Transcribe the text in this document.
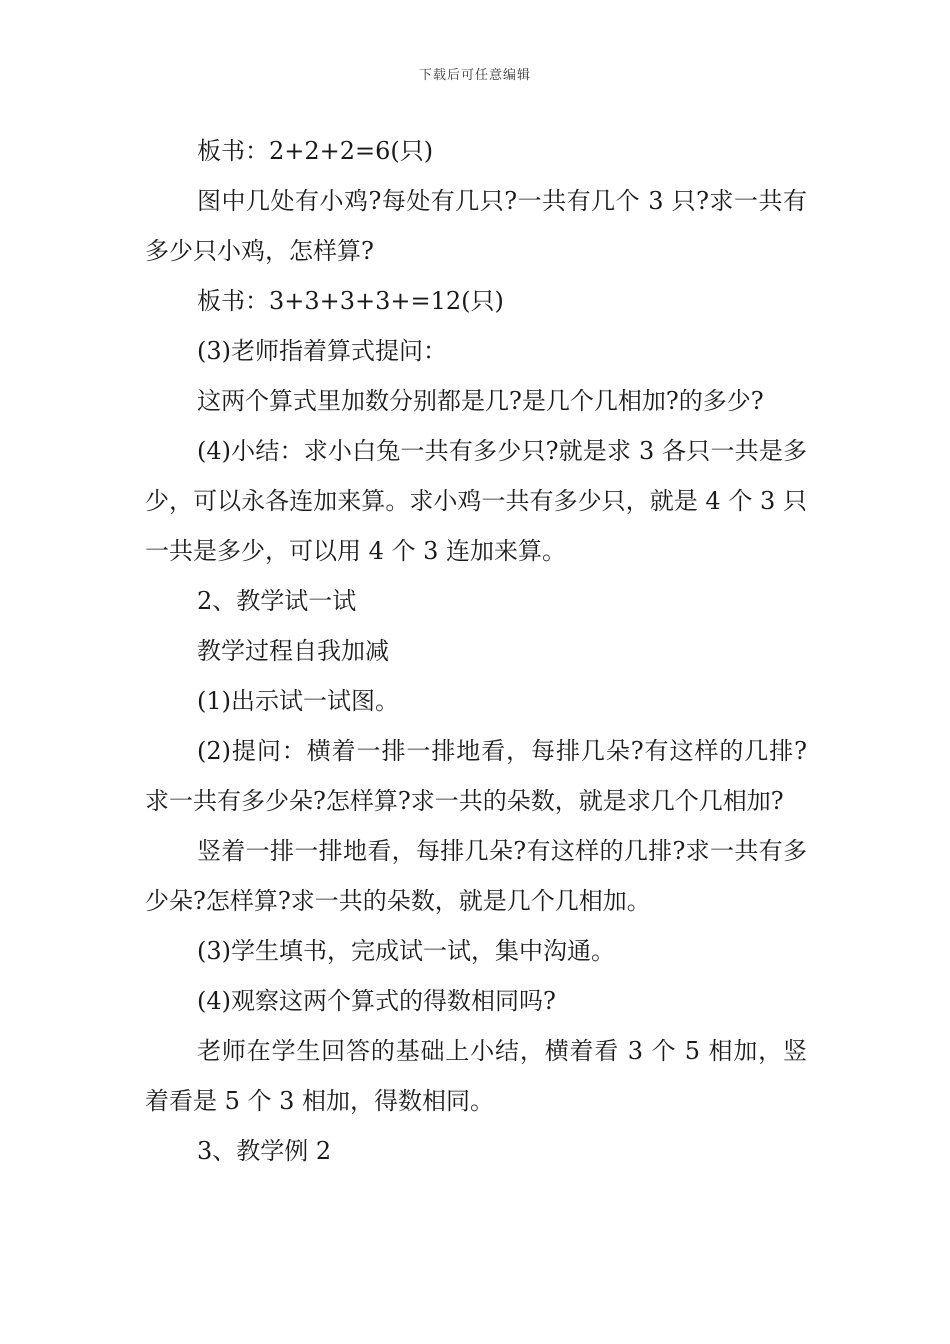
下载后可任意编辑

板书：2+2+2=6(只)

图中几处有小鸡?每处有几只?一共有几个 3 只?求一共有多少只小鸡，怎样算?

板书：3+3+3+3+=12(只)

(3)老师指着算式提问：

这两个算式里加数分别都是几?是几个几相加?的多少?

(4)小结：求小白兔一共有多少只?就是求 3 各只一共是多少，可以永各连加来算。求小鸡一共有多少只，就是 4 个 3 只一共是多少，可以用 4 个 3 连加来算。

2、教学试一试

教学过程自我加减

(1)出示试一试图。

(2)提问：横着一排一排地看，每排几朵?有这样的几排?求一共有多少朵?怎样算?求一共的朵数，就是求几个几相加?

竖着一排一排地看，每排几朵?有这样的几排?求一共有多少朵?怎样算?求一共的朵数，就是几个几相加。

(3)学生填书，完成试一试，集中沟通。

(4)观察这两个算式的得数相同吗?

老师在学生回答的基础上小结，横着看 3 个 5 相加，竖着看是 5 个 3 相加，得数相同。

3、教学例 2
